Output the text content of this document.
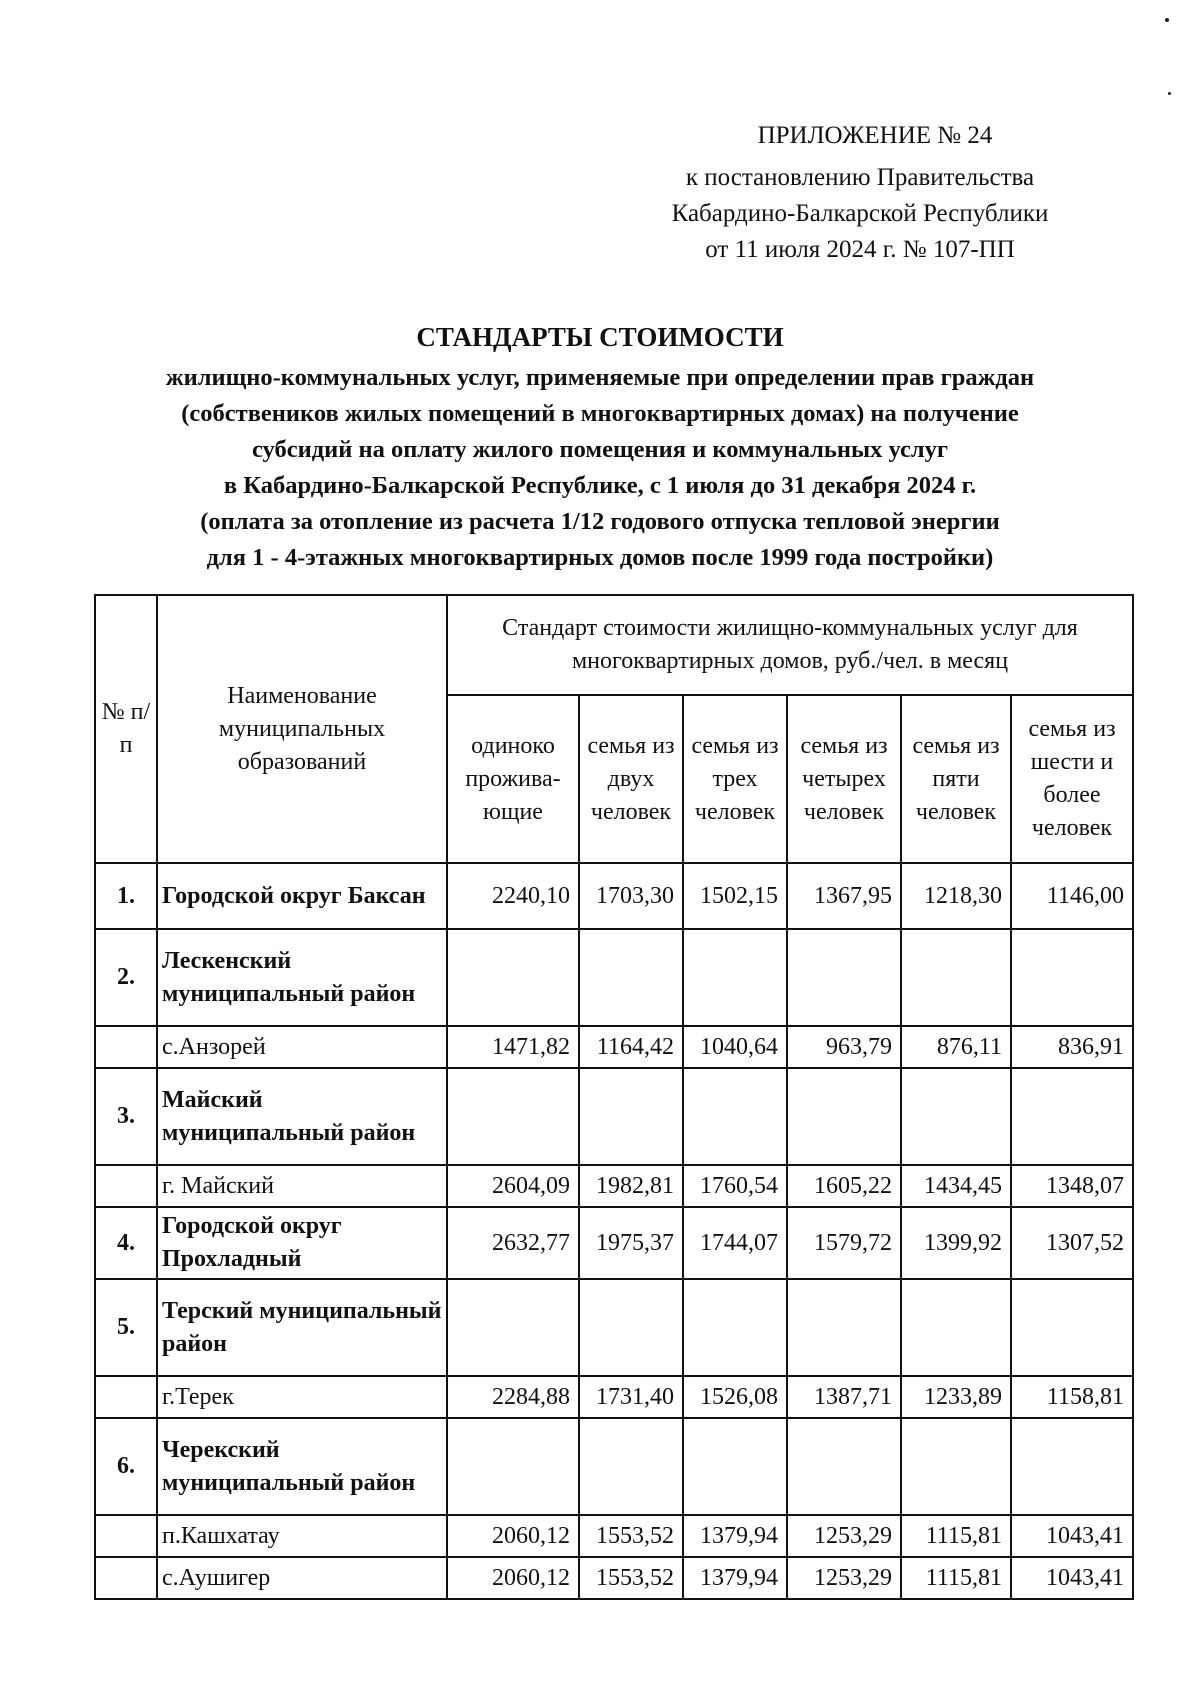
ПРИЛОЖЕНИЕ № 24
к постановлению Правительства
Кабардино-Балкарской Республики
от 11 июля 2024 г. № 107-ПП
СТАНДАРТЫ СТОИМОСТИ
жилищно-коммунальных услуг, применяемые при определении прав граждан
(собствеников жилых помещений в многоквартирных домах) на получение
субсидий на оплату жилого помещения и коммунальных услуг
в Кабардино-Балкарской Республике, с 1 июля до 31 декабря 2024 г.
(оплата за отопление из расчета 1/12 годового отпуска тепловой энергии
для 1 - 4-этажных многоквартирных домов после 1999 года постройки)
№ п/п	Наименование муниципальных образований	Стандарт стоимости жилищно-коммунальных услуг для многоквартирных домов, руб./чел. в месяц					
		одиноко прожива-ющие	семья из двух человек	семья из трех человек	семья из четырех человек	семья из пяти человек	семья из шести и более человек
1.	Городской округ Баксан	2240,10	1703,30	1502,15	1367,95	1218,30	1146,00
2.	Лескенский муниципальный район						
	с.Анзорей	1471,82	1164,42	1040,64	963,79	876,11	836,91
3.	Майский муниципальный район						
	г. Майский	2604,09	1982,81	1760,54	1605,22	1434,45	1348,07
4.	Городской округ Прохладный	2632,77	1975,37	1744,07	1579,72	1399,92	1307,52
5.	Терский муниципальный район						
	г.Терек	2284,88	1731,40	1526,08	1387,71	1233,89	1158,81
6.	Черекский муниципальный район						
	п.Кашхатау	2060,12	1553,52	1379,94	1253,29	1115,81	1043,41
	с.Аушигер	2060,12	1553,52	1379,94	1253,29	1115,81	1043,41
